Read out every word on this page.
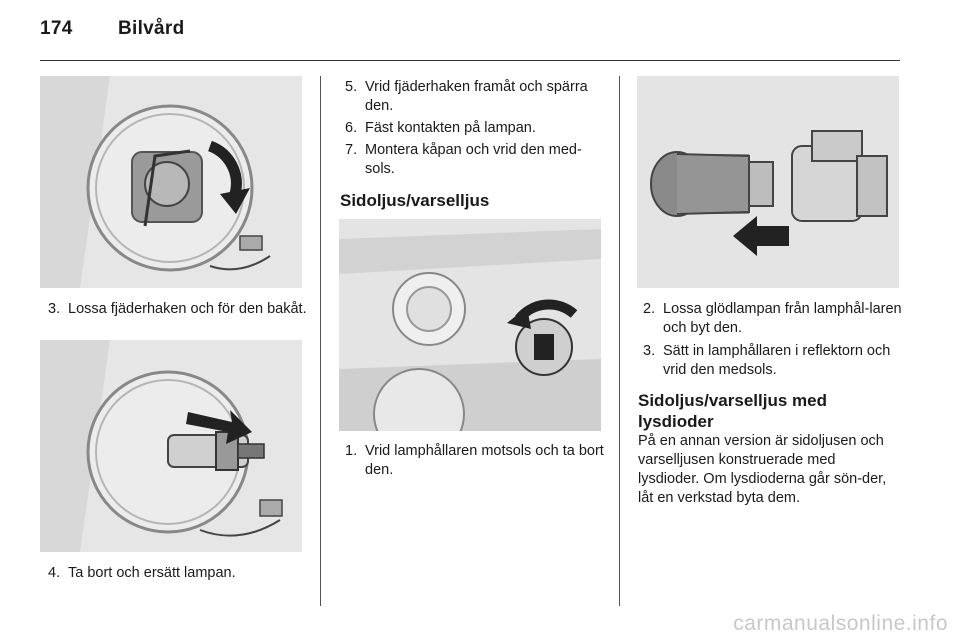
174 Bilvård
3. Lossa fjäderhaken och för den bakåt.
4. Ta bort och ersätt lampan.
5. Vrid fjäderhaken framåt och spärra den.
6. Fäst kontakten på lampan.
7. Montera kåpan och vrid den med-sols.
Sidoljus/varselljus
1. Vrid lamphållaren motsols och ta bort den.
2. Lossa glödlampan från lamphål-laren och byt den.
3. Sätt in lamphållaren i reflektorn och vrid den medsols.
Sidoljus/varselljus med lysdioder
På en annan version är sidoljusen och varselljusen konstruerade med lysdioder. Om lysdioderna går sön-der, låt en verkstad byta dem.
carmanualsonline.info
